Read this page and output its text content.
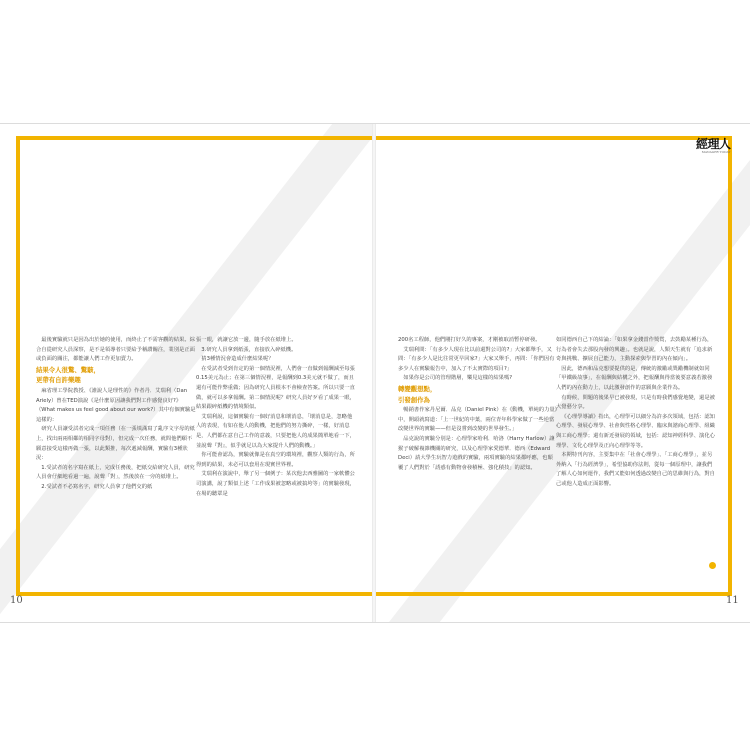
最後實驗就只是因為出於她的使用，而終止了不需客觀的結果。綜合自從研究人員深察，是不是領導者只要給予稱讚關注，業別是正面或負面的關注，都能讓人們工作更加賣力。

結果令人很驚、驚駭，
更帶有自許樂趣

麻省理工學院教授、《誰說人是理性的》作者丹．艾瑞利（Dan Ariely）曾在TED演說《是什麼原因讓我們對工作感覺良好?》（What makes us feel good about our work?）其中有個實驗是這樣的：

研究人員讓受試者完成一項任務（在一張填滿寫了亂序文字母的紙上，找出兩兩相鄰的相同字母對），但完成一次任務，就問他們願不願意接受這樣再做一張，以此類推，每次遞減報酬，實驗有3種狀況：

1.受試者的名字寫在紙上，完成任務後，把紙交給研究人員，研究人員會仔細地看過一遍，說聲「對」，然後放在一旁的紙堆上。

2.受試者不必寫名字，研究人員拿了他們交的紙

張一眼，就讓它放一邊，隨手放在紙堆上。

3.研究人員拿到紙張，直接放入碎紙機。

猜3種情況會造成什麼結果呢？

在受試者受到肯定的第一個情況裡，人們會一直做到報酬減至每張0.15美元為止；在第三個情況裡，是報酬到0.3美元就不做了，而且還有可能作弊重做；因為研究人員根本不會檢查答案。所以只要一直做，就可以多拿報酬。第二個情況呢？研究人員好歹看了成果一眼，結果跟碎紙機的情境類似。

艾瑞利說，這個實驗有一個好消息和壞消息，「壞消息是，忽略他人的表現，有如在他人的動機，把他們的努力撕碎，一樣，好消息是，人們都在意自己工作的意義，只要把他人的成果簡單地看一下，並說聲『對』，似乎就足以為大家提升人們的動機。」

你可能會認為，實驗就像是在真空的環境裡，觀察人類的行為，所得到的結果，未必可以套用在現實世界裡。

艾瑞利在演說中，舉了另一個例子：某次他去西雅圖的一家軟體公司演講，說了類似上述「工作成果被忽略或被搞垮等」的實驗發現，在場的聽眾是

10
經理人
MANAGER TODAY

200名工程師，他們剛打好久的專案，才剛被取消暫停研發。

艾瑞利問：「有多少人現在比以前還對公司的?」大家都舉手，又問：「有多少人是比往常更早回家?」大家又舉手，再問：「你們因有多少人在實驗報告中，加入了不太實際的項目?」

如果你是公司的管理階層，樂見這樣的結果嗎?

轉變觀想點，
引發創作為

暢銷書作家丹尼爾．品克（Daniel Pink）在《動機，單純的力量》中，開頭就寫道：「上一世紀的中葉，兩位青年科學家做了一些逆當改變世界的實驗——但是沒嘗到改變的世界發生。」

品克說的實驗分別是：心理學家哈利．哈洛（Harry Harlow）讓猴子破解複雜機關的研究，以及心理學家愛德華．德西（Edward Deci）請大學生玩智力遊戲的實驗，兩項實驗的結果都呼應，也顛覆了人們對於「誘惑有動物會發積極、強化積技」的認知。

如同德西自己下的結論：「如果拿金錢當作獎賞，去鼓勵某種行為，行為者會失去那股內發的興趣」。也就是說，人類天生就有「追求新奇與挑戰、擴展自己能力，主動探索與學習的內在傾向」。

因此，德西和品克想要提供的是，傳統的激勵或獎勵機制就如同「甲鐵級故事」，在報酬與結構之外，把報酬與得當後要意義若激發人們的內在動力上，以此激發創作的意願與企業作為。

有時候，問題的後果早已被發現，只是有時我們感覺地變，還是被大覺藝分享。

《心理學導讀》指出，心理學可以細分為許多次領域，包括：認知心理學、發展心理學、社會與性格心理學、臨床與諮商心理學、組織與工商心理學；還有新近發展的領域，包括：認知神經科學、演化心理學、文化心理學及正向心理學等等。

本期特刊內容，主要集中在「社會心理學」、「工商心理學」，並另外納入「行為經濟學」，希望協助你法則，從每一個原理中，讓我們了解人心如何運作，我們又能如何透過改變自己的思維與行為，對自己或他人造成正面影響。

11
